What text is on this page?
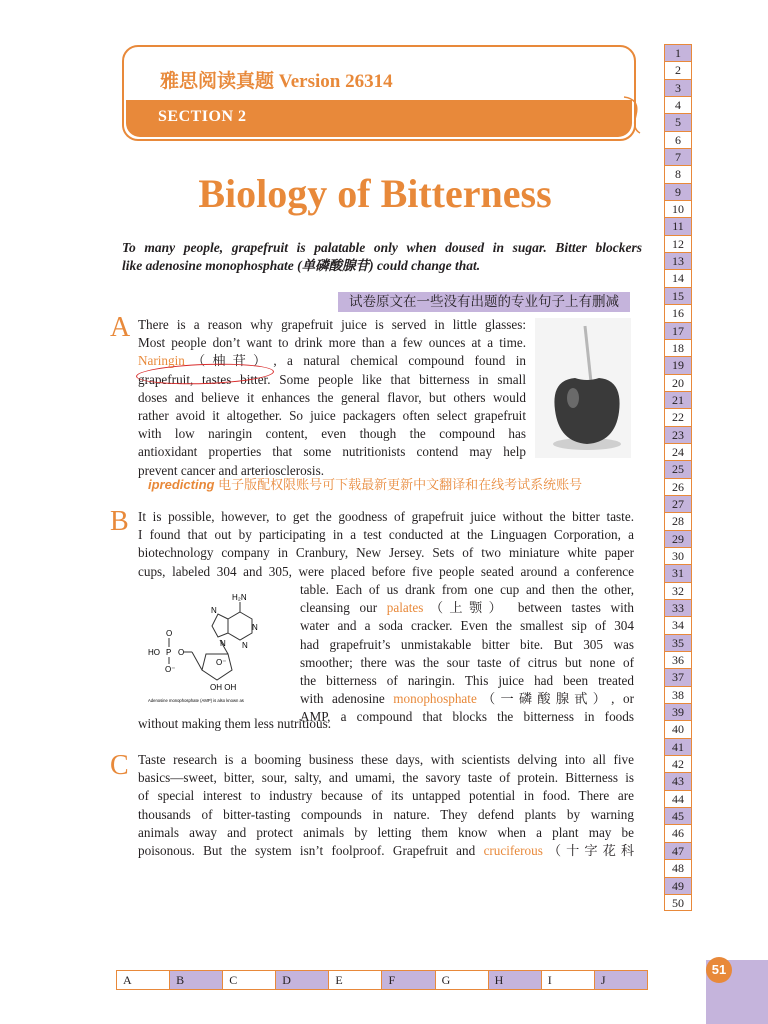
雅思阅读真题 Version 26314
SECTION 2
Biology of Bitterness
To many people, grapefruit is palatable only when doused in sugar. Bitter blockers
like adenosine monophosphate (单磷酸腺苷) could change that.
试卷原文在一些没有出题的专业句子上有删减
A There is a reason why grapefruit juice is served in little glasses:
Most people don’t want to drink more than a few ounces at a time.
Naringin（柚苷）, a natural chemical compound found in
grapefruit, tastes bitter. Some people like that bitterness in small
doses and believe it enhances the general flavor, but others would
rather avoid it altogether. So juice packagers often select grapefruit
with low naringin content, even though the compound has
antioxidant properties that some nutritionists contend may help
prevent cancer and arteriosclerosis.
ipredicting 电子版配权限账号可下载最新更新中文翻译和在线考试系统账号
B It is possible, however, to get the goodness of grapefruit juice without the bitter taste.
I found that out by participating in a test conducted at the Linguagen Corporation, a
biotechnology company in Cranbury, New Jersey. Sets of two miniature white paper
cups, labeled 304 and 305, were placed before five people seated around a conference
table. Each of us drank from one cup and then the other,
cleansing our palates（上颚） between tastes with
water and a soda cracker. Even the smallest sip of 304
had grapefruit’s unmistakable bitter bite. But 305 was
smoother; there was the sour taste of citrus but none of
the bitterness of naringin. This juice had been treated
with adenosine monophosphate（一磷酸腺甙）, or
AMP, a compound that blocks the bitterness in foods
without making them less nutritious.
H₂N
N
N
N
N
O⁻
OH OH
O
P
O
HO
O⁻
Adenosine monophosphate (AMP) is also known as
C Taste research is a booming business these days, with scientists delving into all five
basics—sweet, bitter, sour, salty, and umami, the savory taste of protein. Bitterness is
of special interest to industry because of its untapped potential in food. There are
thousands of bitter-tasting compounds in nature. They defend plants by warning
animals away and protect animals by letting them know when a plant may be
poisonous. But the system isn’t foolproof. Grapefruit and cruciferous（十字花科
1
2
3
4
5
6
7
8
9
10
11
12
13
14
15
16
17
18
19
20
21
22
23
24
25
26
27
28
29
30
31
32
33
34
35
36
37
38
39
40
41
42
43
44
45
46
47
48
49
50
A	B	C	D	E	F	G	H	I	J
51
